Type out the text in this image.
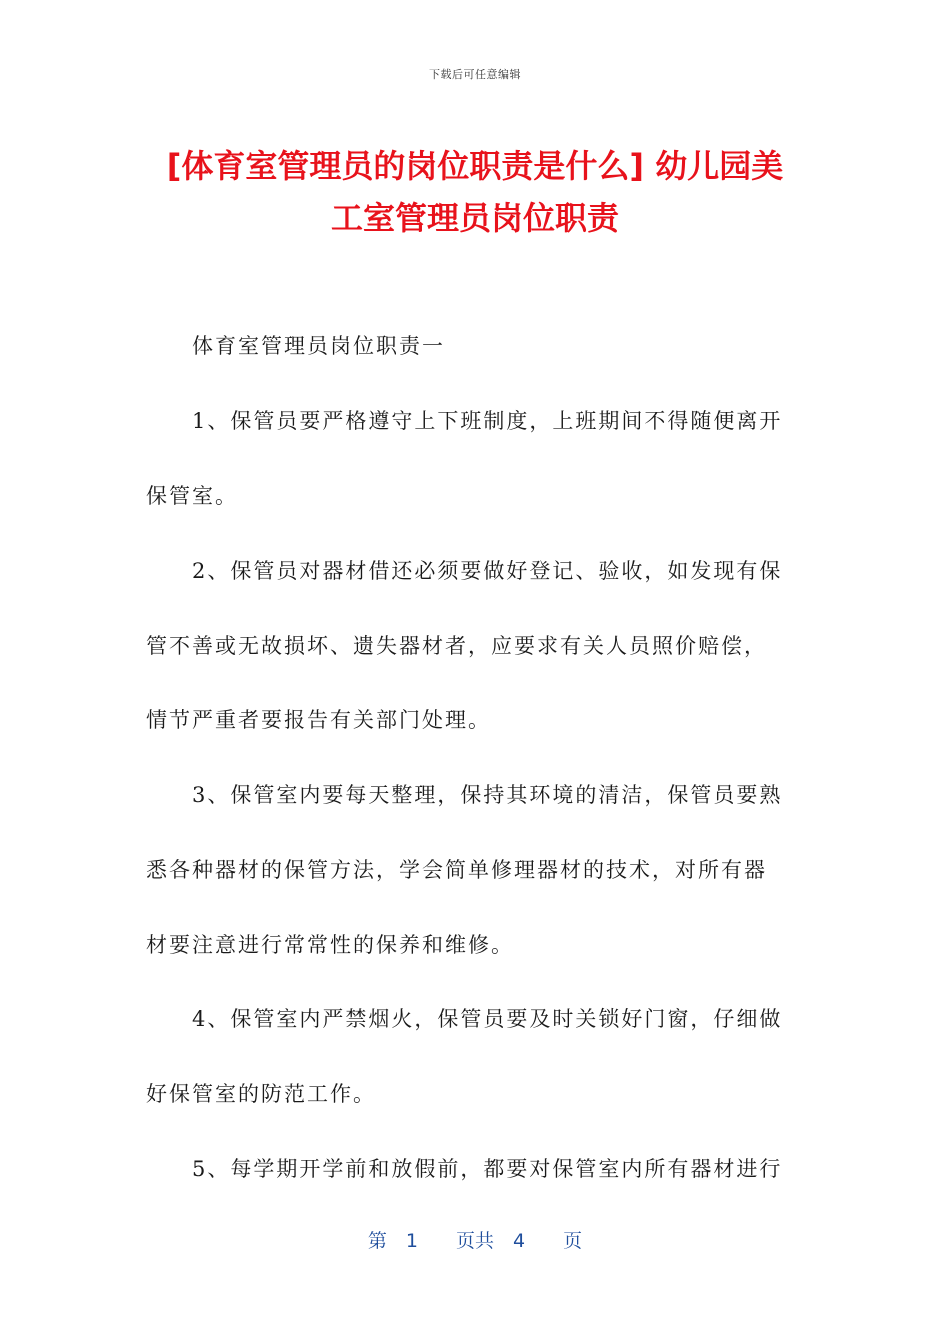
下载后可任意编辑
[体育室管理员的岗位职责是什么] 幼儿园美
工室管理员岗位职责
体育室管理员岗位职责一
1、保管员要严格遵守上下班制度，上班期间不得随便离开
保管室。
2、保管员对器材借还必须要做好登记、验收，如发现有保
管不善或无故损坏、遗失器材者，应要求有关人员照价赔偿，
情节严重者要报告有关部门处理。
3、保管室内要每天整理，保持其环境的清洁，保管员要熟
悉各种器材的保管方法，学会简单修理器材的技术，对所有器
材要注意进行常常性的保养和维修。
4、保管室内严禁烟火，保管员要及时关锁好门窗，仔细做
好保管室的防范工作。
5、每学期开学前和放假前，都要对保管室内所有器材进行
第　1　　页共　4　　页
